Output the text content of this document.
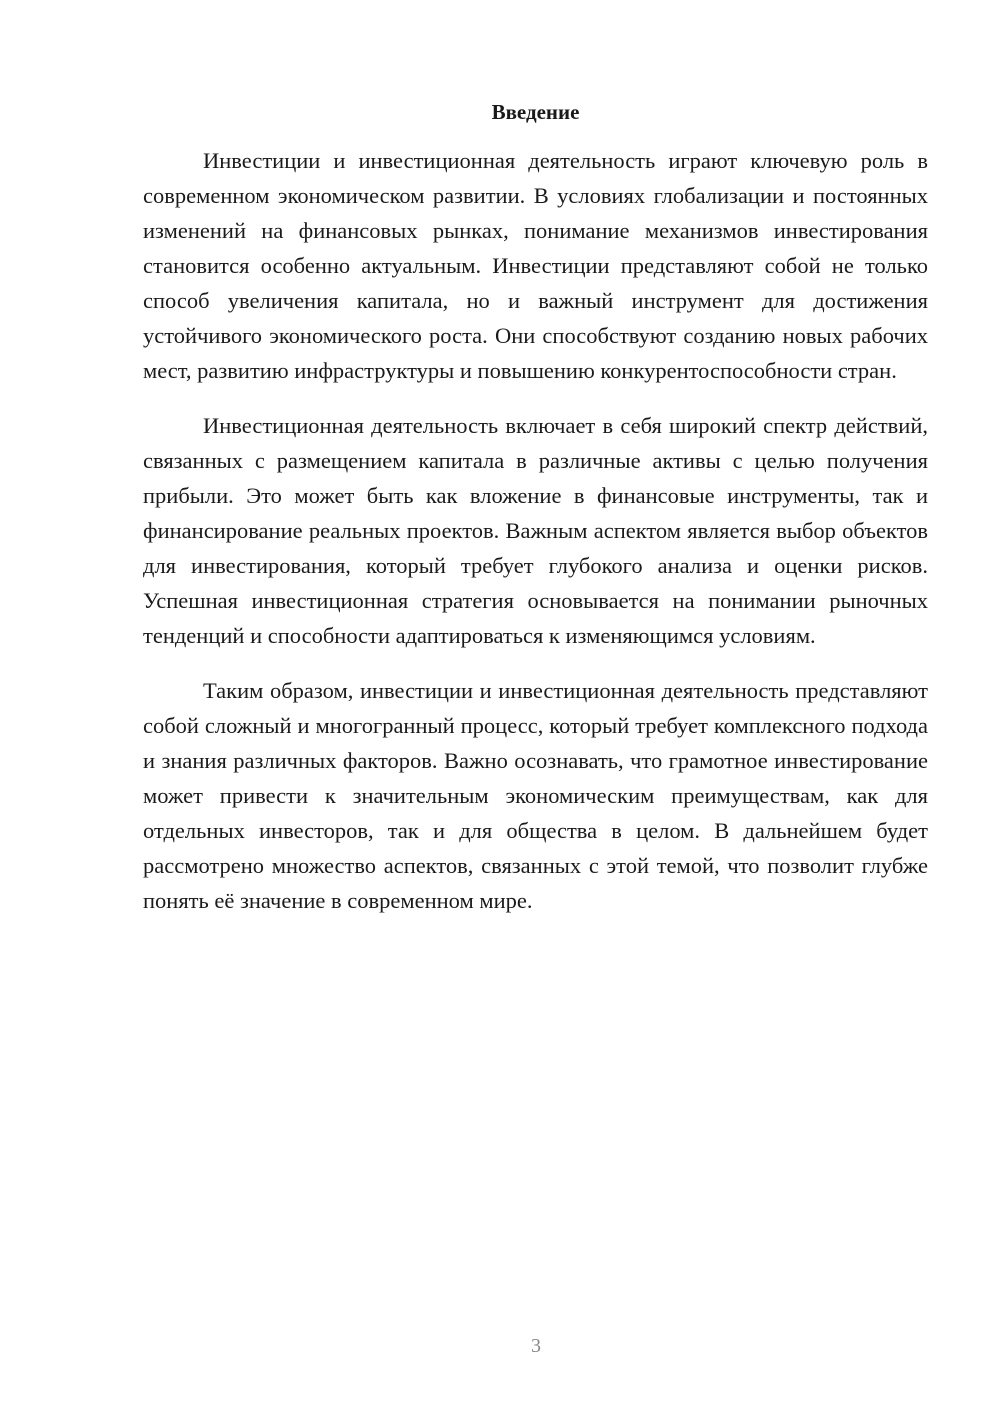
Введение

Инвестиции и инвестиционная деятельность играют ключевую роль в современном экономическом развитии. В условиях глобализации и постоянных изменений на финансовых рынках, понимание механизмов инвестирования становится особенно актуальным. Инвестиции представляют собой не только способ увеличения капитала, но и важный инструмент для достижения устойчивого экономического роста. Они способствуют созданию новых рабочих мест, развитию инфраструктуры и повышению конкурентоспособности стран.

Инвестиционная деятельность включает в себя широкий спектр действий, связанных с размещением капитала в различные активы с целью получения прибыли. Это может быть как вложение в финансовые инструменты, так и финансирование реальных проектов. Важным аспектом является выбор объектов для инвестирования, который требует глубокого анализа и оценки рисков. Успешная инвестиционная стратегия основывается на понимании рыночных тенденций и способности адаптироваться к изменяющимся условиям.

Таким образом, инвестиции и инвестиционная деятельность представляют собой сложный и многогранный процесс, который требует комплексного подхода и знания различных факторов. Важно осознавать, что грамотное инвестирование может привести к значительным экономическим преимуществам, как для отдельных инвесторов, так и для общества в целом. В дальнейшем будет рассмотрено множество аспектов, связанных с этой темой, что позволит глубже понять её значение в современном мире.

3
